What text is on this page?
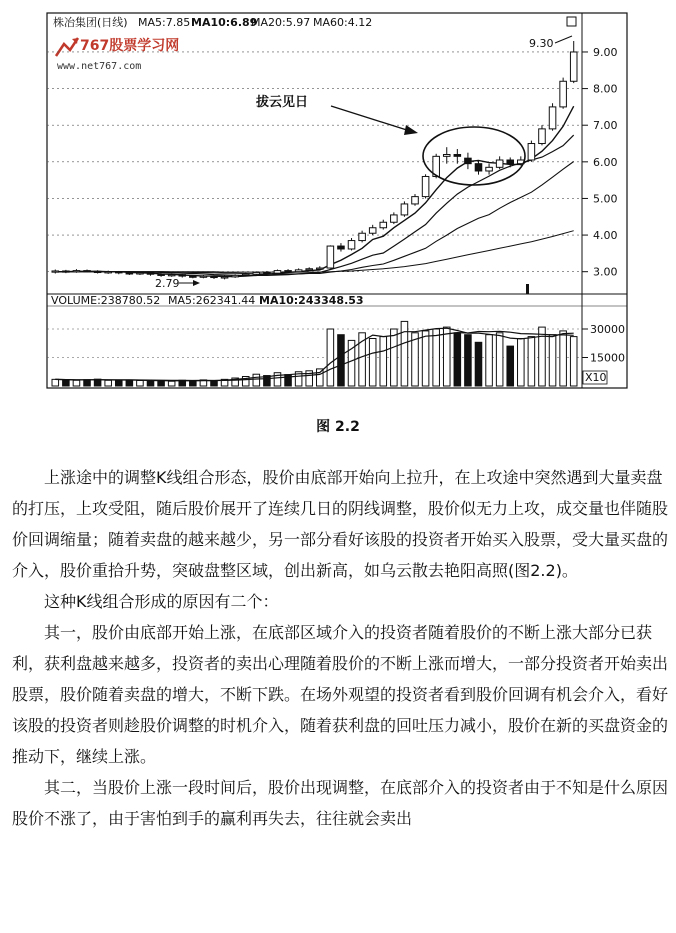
株冶集团(日线) MA5:7.85 MA10:6.89
MA20:5.97 MA60:4.12
767股票学习网
www.net767.com
3.00
4.00
5.00
6.00
7.00
8.00
9.00
15000
30000
拔云见日
9.30
2.79
VOLUME:238780.52 MA5:262341.44 MA10:243348.53
X10
图 2.2

上涨途中的调整K线组合形态，股价由底部开始向上拉升，在上攻途中突然遇到大量卖盘的打压，上攻受阻，随后股价展开了连续几日的阴线调整，股价似无力上攻，成交量也伴随股价回调缩量；随着卖盘的越来越少，另一部分看好该股的投资者开始买入股票，受大量买盘的介入，股价重拾升势，突破盘整区域，创出新高，如乌云散去艳阳高照(图2.2)。

这种K线组合形成的原因有二个：

其一，股价由底部开始上涨，在底部区域介入的投资者随着股价的不断上涨大部分已获利，获利盘越来越多，投资者的卖出心理随着股价的不断上涨而增大，一部分投资者开始卖出股票，股价随着卖盘的增大，不断下跌。在场外观望的投资者看到股价回调有机会介入，看好该股的投资者则趁股价调整的时机介入，随着获利盘的回吐压力减小，股价在新的买盘资金的推动下，继续上涨。

其二，当股价上涨一段时间后，股价出现调整，在底部介入的投资者由于不知是什么原因股价不涨了，由于害怕到手的赢利再失去，往往就会卖出
